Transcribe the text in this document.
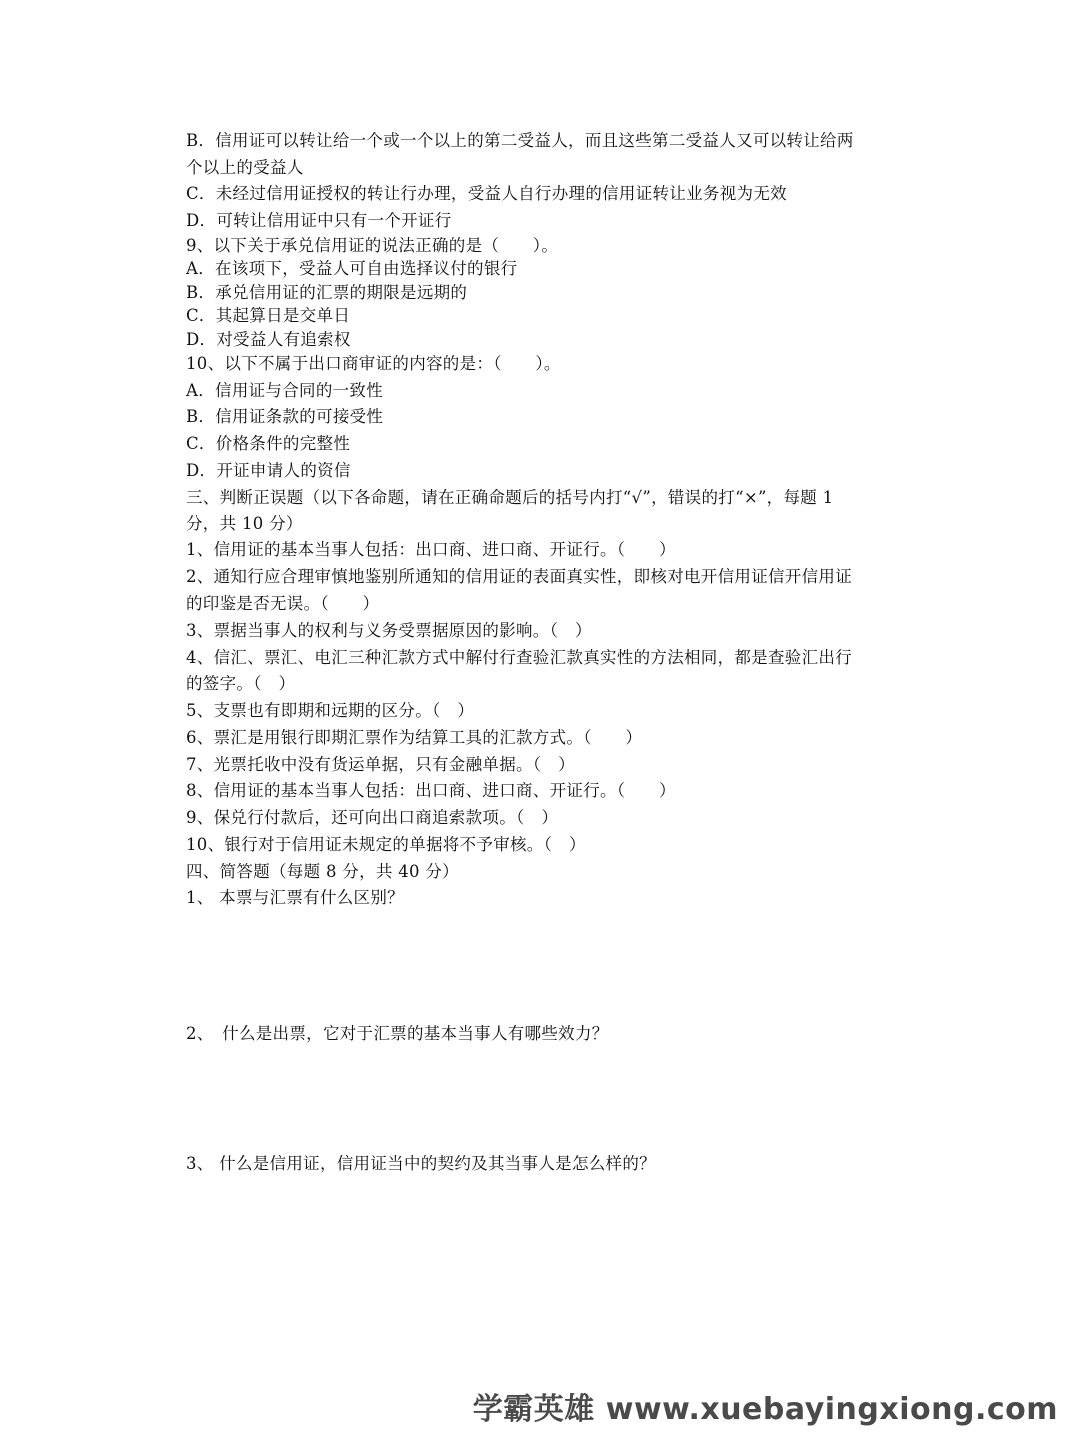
B．信用证可以转让给一个或一个以上的第二受益人，而且这些第二受益人又可以转让给两
个以上的受益人
C．未经过信用证授权的转让行办理，受益人自行办理的信用证转让业务视为无效
D．可转让信用证中只有一个开证行
9、以下关于承兑信用证的说法正确的是（　　）。
A．在该项下，受益人可自由选择议付的银行
B．承兑信用证的汇票的期限是远期的
C．其起算日是交单日
D．对受益人有追索权
10、以下不属于出口商审证的内容的是：（　　）。
A．信用证与合同的一致性
B．信用证条款的可接受性
C．价格条件的完整性
D．开证申请人的资信
三、判断正误题（以下各命题，请在正确命题后的括号内打“√”，错误的打“×”，每题 1
分，共 10 分）
1、信用证的基本当事人包括：出口商、进口商、开证行。（　　）
2、通知行应合理审慎地鉴别所通知的信用证的表面真实性，即核对电开信用证信开信用证
的印鉴是否无误。（　　）
3、票据当事人的权利与义务受票据原因的影响。（　）
4、信汇、票汇、电汇三种汇款方式中解付行查验汇款真实性的方法相同，都是查验汇出行
的签字。（　）
5、支票也有即期和远期的区分。（　）
6、票汇是用银行即期汇票作为结算工具的汇款方式。（　　）
7、光票托收中没有货运单据，只有金融单据。（　）
8、信用证的基本当事人包括：出口商、进口商、开证行。（　　）
9、保兑行付款后，还可向出口商追索款项。（　）
10、银行对于信用证未规定的单据将不予审核。（　）
四、简答题（每题 8 分，共 40 分）
1、 本票与汇票有什么区别？
2、　什么是出票，它对于汇票的基本当事人有哪些效力？
3、 什么是信用证，信用证当中的契约及其当事人是怎么样的？
学霸英雄 www.xuebayingxiong.com
